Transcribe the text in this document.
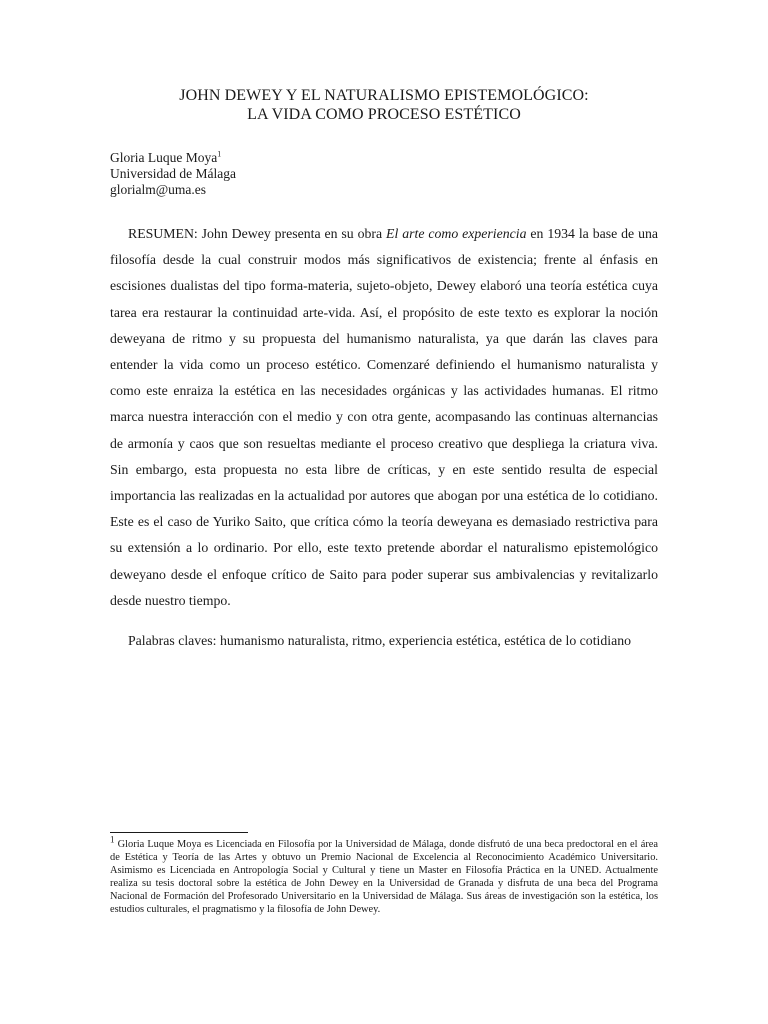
JOHN DEWEY Y EL NATURALISMO EPISTEMOLÓGICO:
LA VIDA COMO PROCESO ESTÉTICO
Gloria Luque Moya$^1$
Universidad de Málaga
glorialm@uma.es

RESUMEN: John Dewey presenta en su obra El arte como experiencia en 1934 la base de una filosofía desde la cual construir modos más significativos de existencia; frente al énfasis en escisiones dualistas del tipo forma-materia, sujeto-objeto, Dewey elaboró una teoría estética cuya tarea era restaurar la continuidad arte-vida. Así, el propósito de este texto es explorar la noción deweyana de ritmo y su propuesta del humanismo naturalista, ya que darán las claves para entender la vida como un proceso estético. Comenzaré definiendo el humanismo naturalista y como este enraiza la estética en las necesidades orgánicas y las actividades humanas. El ritmo marca nuestra interacción con el medio y con otra gente, acompasando las continuas alternancias de armonía y caos que son resueltas mediante el proceso creativo que despliega la criatura viva. Sin embargo, esta propuesta no esta libre de críticas, y en este sentido resulta de especial importancia las realizadas en la actualidad por autores que abogan por una estética de lo cotidiano. Este es el caso de Yuriko Saito, que crítica cómo la teoría deweyana es demasiado restrictiva para su extensión a lo ordinario. Por ello, este texto pretende abordar el naturalismo epistemológico deweyano desde el enfoque crítico de Saito para poder superar sus ambivalencias y revitalizarlo desde nuestro tiempo.

Palabras claves: humanismo naturalista, ritmo, experiencia estética, estética de lo cotidiano

$^1$ Gloria Luque Moya es Licenciada en Filosofía por la Universidad de Málaga, donde disfrutó de una beca predoctoral en el área de Estética y Teoría de las Artes y obtuvo un Premio Nacional de Excelencia al Reconocimiento Académico Universitario. Asimismo es Licenciada en Antropología Social y Cultural y tiene un Master en Filosofía Práctica en la UNED. Actualmente realiza su tesis doctoral sobre la estética de John Dewey en la Universidad de Granada y disfruta de una beca del Programa Nacional de Formación del Profesorado Universitario en la Universidad de Málaga. Sus áreas de investigación son la estética, los estudios culturales, el pragmatismo y la filosofía de John Dewey.
